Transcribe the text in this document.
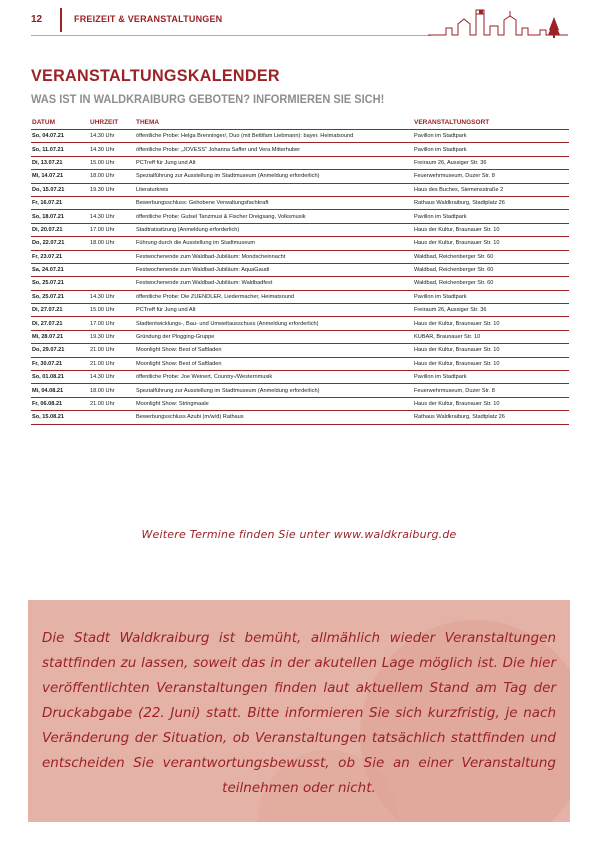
12	FREIZEIT & VERANSTALTUNGEN
VERANSTALTUNGSKALENDER
WAS IST IN WALDKRAIBURG GEBOTEN? INFORMIEREN SIE SICH!
DATUM	UHRZEIT	THEMA	VERANSTALTUNGSORT
So, 04.07.21	14.30 Uhr	öffentliche Probe: Helga Brenninger/, Duo (mit Bettifam Liebmann): bayer. Heimatsound	Pavillon im Stadtpark
So, 11.07.21	14.30 Uhr	öffentliche Probe: „JOVESS" Johanna Saffer und Vera Mitterhuber	Pavillon im Stadtpark
Di, 13.07.21	15.00 Uhr	PCTreff für Jung und Alt	Freiraum 26, Aussiger Str. 36
Mi, 14.07.21	18.00 Uhr	Spezialführung zur Ausstellung im Stadtmuseum (Anmeldung erforderlich)	Feuerwehrmuseum, Duzer Str. 8
Do, 15.07.21	19.30 Uhr	Literaturkreis	Haus des Buches, Siemensstraße 2
Fr, 16.07.21		Bewerbungsschluss: Gehobene Verwaltungsfachkraft	Rathaus Waldkraiburg, Stadtplatz 26
So, 18.07.21	14.30 Uhr	öffentliche Probe: Gutsel Tanzmusi & Fischer Dreigsang, Volksmusik	Pavillon im Stadtpark
Di, 20.07.21	17.00 Uhr	Stadtratssitzung (Anmeldung erforderlich)	Haus der Kultur, Braunauer Str. 10
Do, 22.07.21	18.00 Uhr	Führung durch die Ausstellung im Stadtmuseum	Haus der Kultur, Braunauer Str. 10
Fr, 23.07.21		Festwochenende zum Waldbad-Jubiläum: Mondscheinnacht	Waldbad, Reichenberger Str. 60
Sa, 24.07.21		Festwochenende zum Waldbad-Jubiläum: AquaGaudi	Waldbad, Reichenberger Str. 60
So, 25.07.21		Festwochenende zum Waldbad-Jubiläum: Waldbadfest	Waldbad, Reichenberger Str. 60
So, 25.07.21	14.30 Uhr	öffentliche Probe: Die ZUENDLER, Liedermacher, Heimatsound	Pavillon im Stadtpark
Di, 27.07.21	15.00 Uhr	PCTreff für Jung und Alt	Freiraum 26, Aussiger Str. 36
Di, 27.07.21	17.00 Uhr	Stadtentwicklungs-, Bau- und Umweltausschuss (Anmeldung erforderlich)	Haus der Kultur, Braunauer Str. 10
Mi, 28.07.21	19.30 Uhr	Gründung der Plogging-Gruppe	KUBAR, Braunauer Str. 10
Do, 29.07.21	21.00 Uhr	Moonlight Show: Best of Saftladen	Haus der Kultur, Braunauer Str. 10
Fr, 30.07.21	21.00 Uhr	Moonlight Show: Best of Saftladen	Haus der Kultur, Braunauer Str. 10
So, 01.08.21	14.30 Uhr	öffentliche Probe: Joe Weinert, Country-/Westernmusik	Pavillon im Stadtpark
Mi, 04.08.21	18.00 Uhr	Spezialführung zur Ausstellung im Stadtmuseum (Anmeldung erforderlich)	Feuerwehrmuseum, Duzer Str. 8
Fr, 06.08.21	21.00 Uhr	Moonlight Show: Stringmaale	Haus der Kultur, Braunauer Str. 10
So, 15.08.21		Bewerbungsschluss Azubi (m/w/d) Rathaus	Rathaus Waldkraiburg, Stadtplatz 26
Weitere Termine finden Sie unter www.waldkraiburg.de
Die Stadt Waldkraiburg ist bemüht, allmählich wieder Veranstaltungen stattfinden zu lassen, soweit das in der akutellen Lage möglich ist. Die hier veröffentlichten Veranstaltungen finden laut aktuellem Stand am Tag der Druckabgabe (22. Juni) statt. Bitte informieren Sie sich kurzfristig, je nach Veränderung der Situation, ob Veranstaltungen tatsächlich stattfinden und entscheiden Sie verantwortungsbewusst, ob Sie an einer Veranstaltung teilnehmen oder nicht.
